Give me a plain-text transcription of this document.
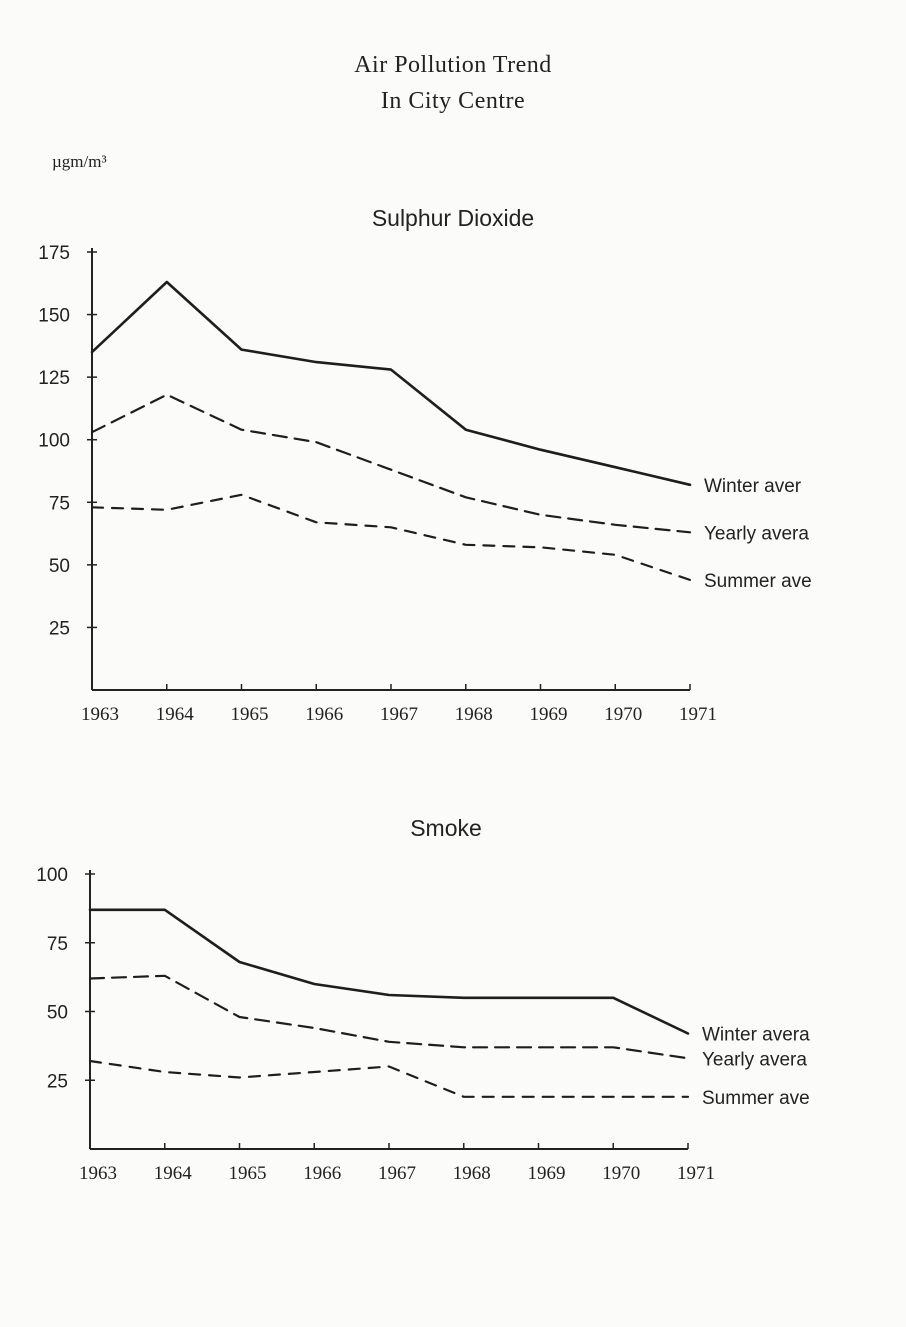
Air Pollution Trend
In City Centre
µgm/m³
Sulphur Dioxide
25
50
75
100
125
150
175
1963 1964 1965 1966 1967 1968 1969 1970 1971
Winter aver
Yearly avera
Summer ave
Smoke
25
50
75
100
1963 1964 1965 1966 1967 1968 1969 1970 1971
Winter avera
Yearly avera
Summer ave
